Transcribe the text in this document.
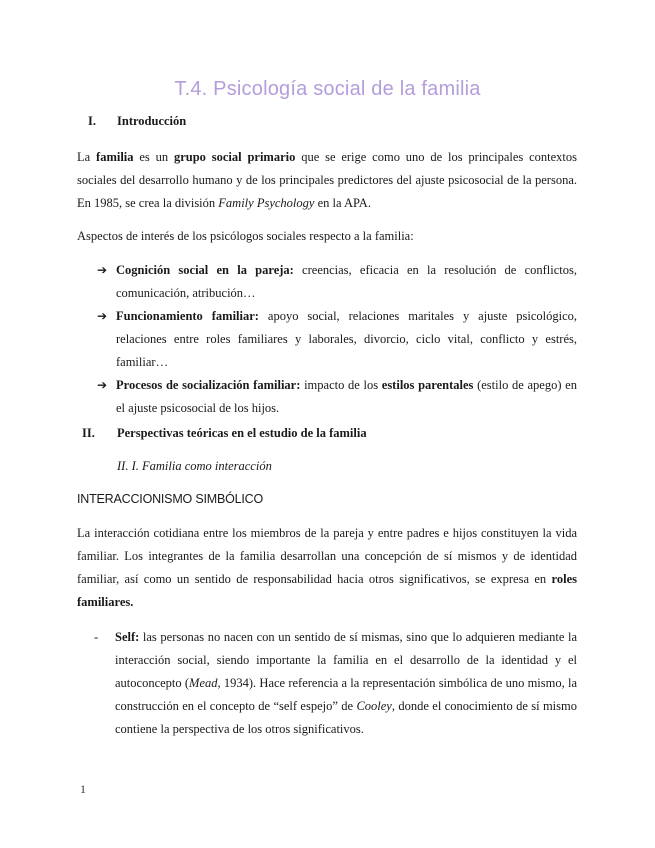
T.4. Psicología social de la familia
I. Introducción

La familia es un grupo social primario que se erige como uno de los principales contextos sociales del desarrollo humano y de los principales predictores del ajuste psicosocial de la persona. En 1985, se crea la división Family Psychology en la APA.

Aspectos de interés de los psicólogos sociales respecto a la familia:

➔ Cognición social en la pareja: creencias, eficacia en la resolución de conflictos, comunicación, atribución…

➔ Funcionamiento familiar: apoyo social, relaciones maritales y ajuste psicológico, relaciones entre roles familiares y laborales, divorcio, ciclo vital, conflicto y estrés, familiar…

➔ Procesos de socialización familiar: impacto de los estilos parentales (estilo de apego) en el ajuste psicosocial de los hijos.

II. Perspectivas teóricas en el estudio de la familia
II. I. Familia como interacción
INTERACCIONISMO SIMBÓLICO

La interacción cotidiana entre los miembros de la pareja y entre padres e hijos constituyen la vida familiar. Los integrantes de la familia desarrollan una concepción de sí mismos y de identidad familiar, así como un sentido de responsabilidad hacia otros significativos, se expresa en roles familiares.

- Self: las personas no nacen con un sentido de sí mismas, sino que lo adquieren mediante la interacción social, siendo importante la familia en el desarrollo de la identidad y el autoconcepto (Mead, 1934). Hace referencia a la representación simbólica de uno mismo, la construcción en el concepto de “self espejo” de Cooley, donde el conocimiento de sí mismo contiene la perspectiva de los otros significativos.

1
